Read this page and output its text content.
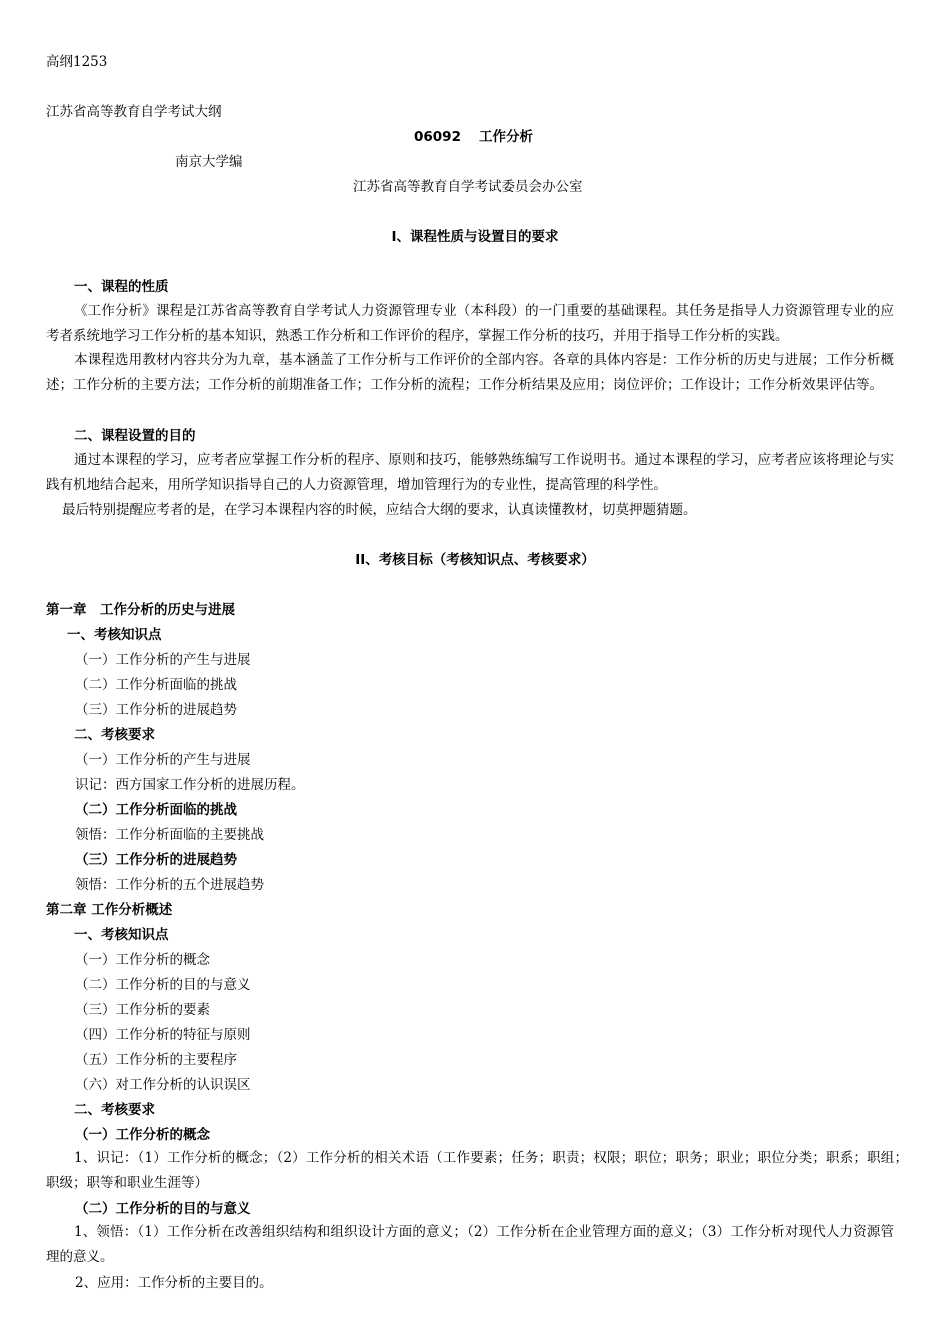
高纲1253
江苏省高等教育自学考试大纲
06092 工作分析
南京大学编
江苏省高等教育自学考试委员会办公室
I、课程性质与设置目的要求
一、课程的性质
《工作分析》课程是江苏省高等教育自学考试人力资源管理专业（本科段）的一门重要的基础课程。其任务是指导人力资源管理专业的应考者系统地学习工作分析的基本知识，熟悉工作分析和工作评价的程序，掌握工作分析的技巧，并用于指导工作分析的实践。
本课程选用教材内容共分为九章，基本涵盖了工作分析与工作评价的全部内容。各章的具体内容是：工作分析的历史与进展；工作分析概述；工作分析的主要方法；工作分析的前期准备工作；工作分析的流程；工作分析结果及应用；岗位评价；工作设计；工作分析效果评估等。
二、课程设置的目的
通过本课程的学习，应考者应掌握工作分析的程序、原则和技巧，能够熟练编写工作说明书。通过本课程的学习，应考者应该将理论与实践有机地结合起来，用所学知识指导自己的人力资源管理，增加管理行为的专业性，提高管理的科学性。
最后特别提醒应考者的是，在学习本课程内容的时候，应结合大纲的要求，认真读懂教材，切莫押题猜题。
II、考核目标（考核知识点、考核要求）
第一章　工作分析的历史与进展
一、考核知识点
（一）工作分析的产生与进展
（二）工作分析面临的挑战
（三）工作分析的进展趋势
二、考核要求
（一）工作分析的产生与进展
识记：西方国家工作分析的进展历程。
（二）工作分析面临的挑战
领悟：工作分析面临的主要挑战
（三）工作分析的进展趋势
领悟：工作分析的五个进展趋势
第二章 工作分析概述
一、考核知识点
（一）工作分析的概念
（二）工作分析的目的与意义
（三）工作分析的要素
（四）工作分析的特征与原则
（五）工作分析的主要程序
（六）对工作分析的认识误区
二、考核要求
（一）工作分析的概念
1、识记：（1）工作分析的概念；（2）工作分析的相关术语（工作要素；任务；职责；权限；职位；职务；职业；职位分类；职系；职组；职级；职等和职业生涯等）
（二）工作分析的目的与意义
1、领悟：（1）工作分析在改善组织结构和组织设计方面的意义；（2）工作分析在企业管理方面的意义；（3）工作分析对现代人力资源管理的意义。
2、应用：工作分析的主要目的。
